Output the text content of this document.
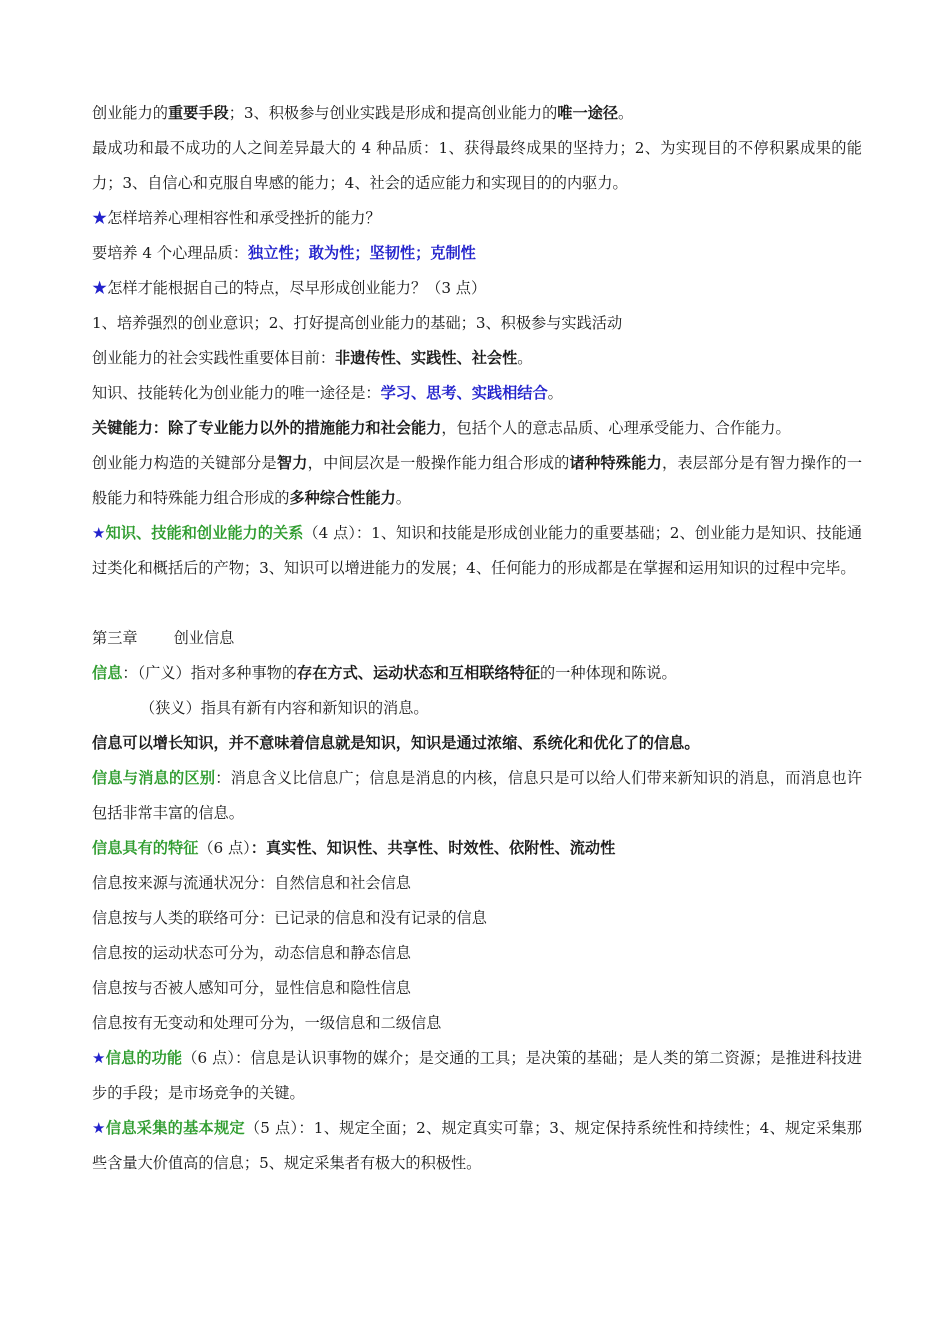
创业能力的重要手段；3、积极参与创业实践是形成和提高创业能力的唯一途径。

最成功和最不成功的人之间差异最大的 4 种品质：1、获得最终成果的坚持力；2、为实现目的不停积累成果的能力；3、自信心和克服自卑感的能力；4、社会的适应能力和实现目的的内驱力。

★怎样培养心理相容性和承受挫折的能力？

要培养 4 个心理品质：独立性；敢为性；坚韧性；克制性

★怎样才能根据自己的特点，尽早形成创业能力？（3 点）

1、培养强烈的创业意识；2、打好提高创业能力的基础；3、积极参与实践活动

创业能力的社会实践性重要体目前：非遗传性、实践性、社会性。

知识、技能转化为创业能力的唯一途径是：学习、思考、实践相结合。

关键能力：除了专业能力以外的措施能力和社会能力，包括个人的意志品质、心理承受能力、合作能力。

创业能力构造的关键部分是智力，中间层次是一般操作能力组合形成的诸种特殊能力，表层部分是有智力操作的一般能力和特殊能力组合形成的多种综合性能力。

★知识、技能和创业能力的关系（4 点）：1、知识和技能是形成创业能力的重要基础；2、创业能力是知识、技能通过类化和概括后的产物；3、知识可以增进能力的发展；4、任何能力的形成都是在掌握和运用知识的过程中完毕。

第三章 创业信息

信息：（广义）指对多种事物的存在方式、运动状态和互相联络特征的一种体现和陈说。

（狭义）指具有新有内容和新知识的消息。

信息可以增长知识，并不意味着信息就是知识，知识是通过浓缩、系统化和优化了的信息。

信息与消息的区别：消息含义比信息广；信息是消息的内核，信息只是可以给人们带来新知识的消息，而消息也许包括非常丰富的信息。

信息具有的特征（6 点）：真实性、知识性、共享性、时效性、依附性、流动性

信息按来源与流通状况分：自然信息和社会信息

信息按与人类的联络可分：已记录的信息和没有记录的信息

信息按的运动状态可分为，动态信息和静态信息

信息按与否被人感知可分，显性信息和隐性信息

信息按有无变动和处理可分为，一级信息和二级信息

★信息的功能（6 点）：信息是认识事物的媒介；是交通的工具；是决策的基础；是人类的第二资源；是推进科技进步的手段；是市场竞争的关键。

★信息采集的基本规定（5 点）：1、规定全面；2、规定真实可靠；3、规定保持系统性和持续性；4、规定采集那些含量大价值高的信息；5、规定采集者有极大的积极性。
